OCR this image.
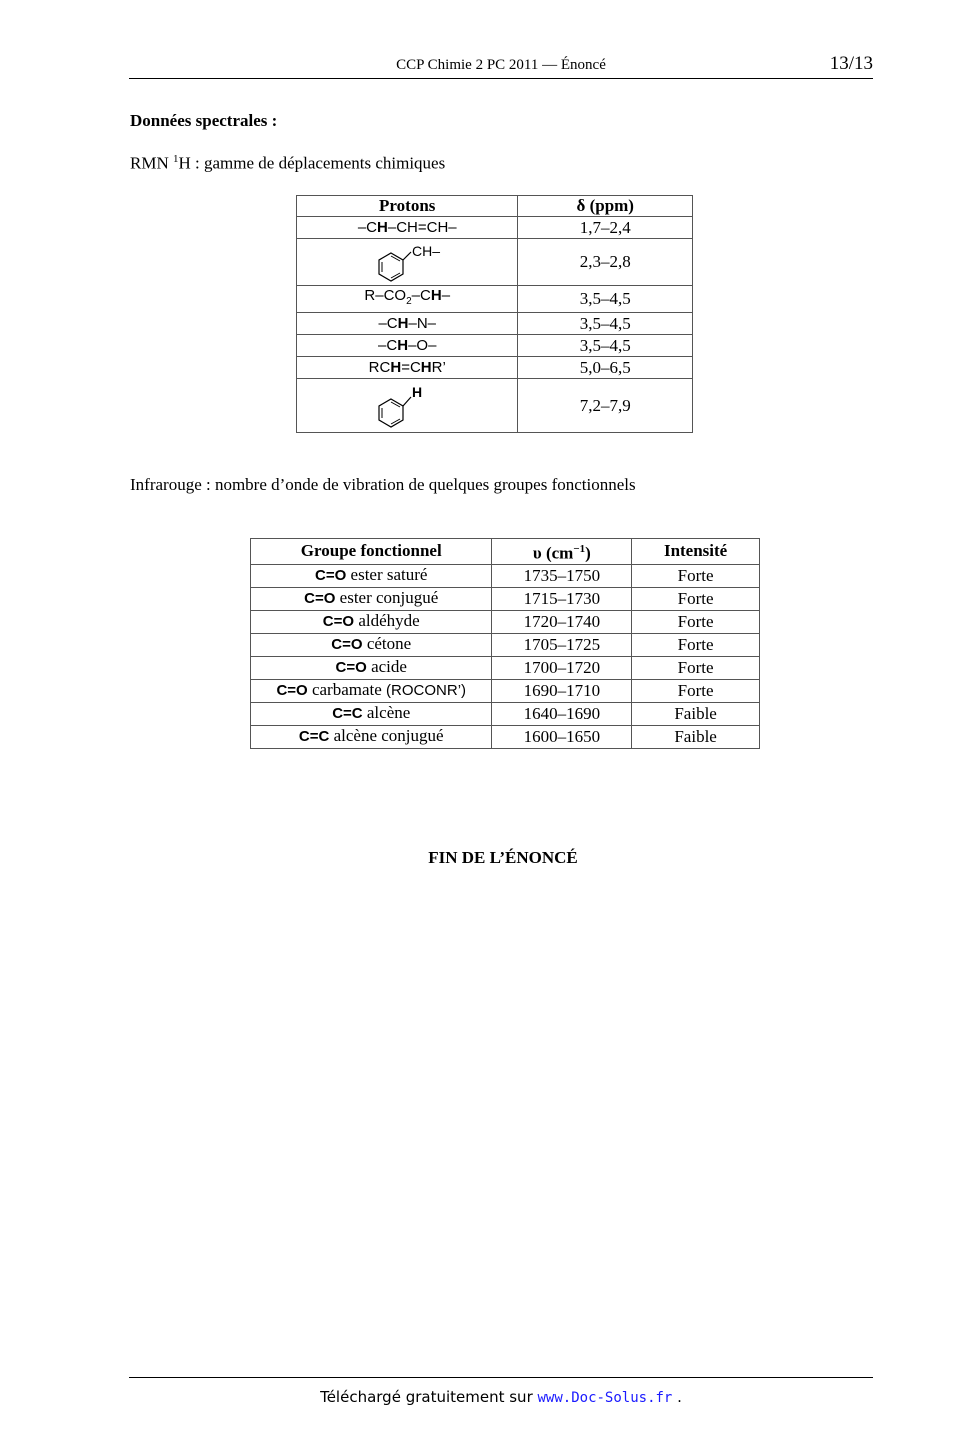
CCP Chimie 2 PC 2011 — Énoncé	13/13
Données spectrales :
RMN $^1$H : gamme de déplacements chimiques
Protons	δ (ppm)
–CH–CH=CH–	1,7–2,4

CH–	2,3–2,8
$R-CO_2-CH-$	3,5–4,5
–CH–N–	3,5–4,5
–CH–O–	3,5–4,5
RCH=CHR’	5,0–6,5

H	7,2–7,9
Infrarouge : nombre d’onde de vibration de quelques groupes fonctionnels
Groupe fonctionnel	υ $(cm^{-1})$	Intensité
C=O ester saturé	1735–1750	Forte
C=O ester conjugué	1715–1730	Forte
C=O aldéhyde	1720–1740	Forte
C=O cétone	1705–1725	Forte
C=O acide	1700–1720	Forte
C=O carbamate (ROCONR’)	1690–1710	Forte
C=C alcène	1640–1690	Faible
C=C alcène conjugué	1600–1650	Faible
FIN DE L’ÉNONCÉ
Téléchargé gratuitement sur www.Doc-Solus.fr .
